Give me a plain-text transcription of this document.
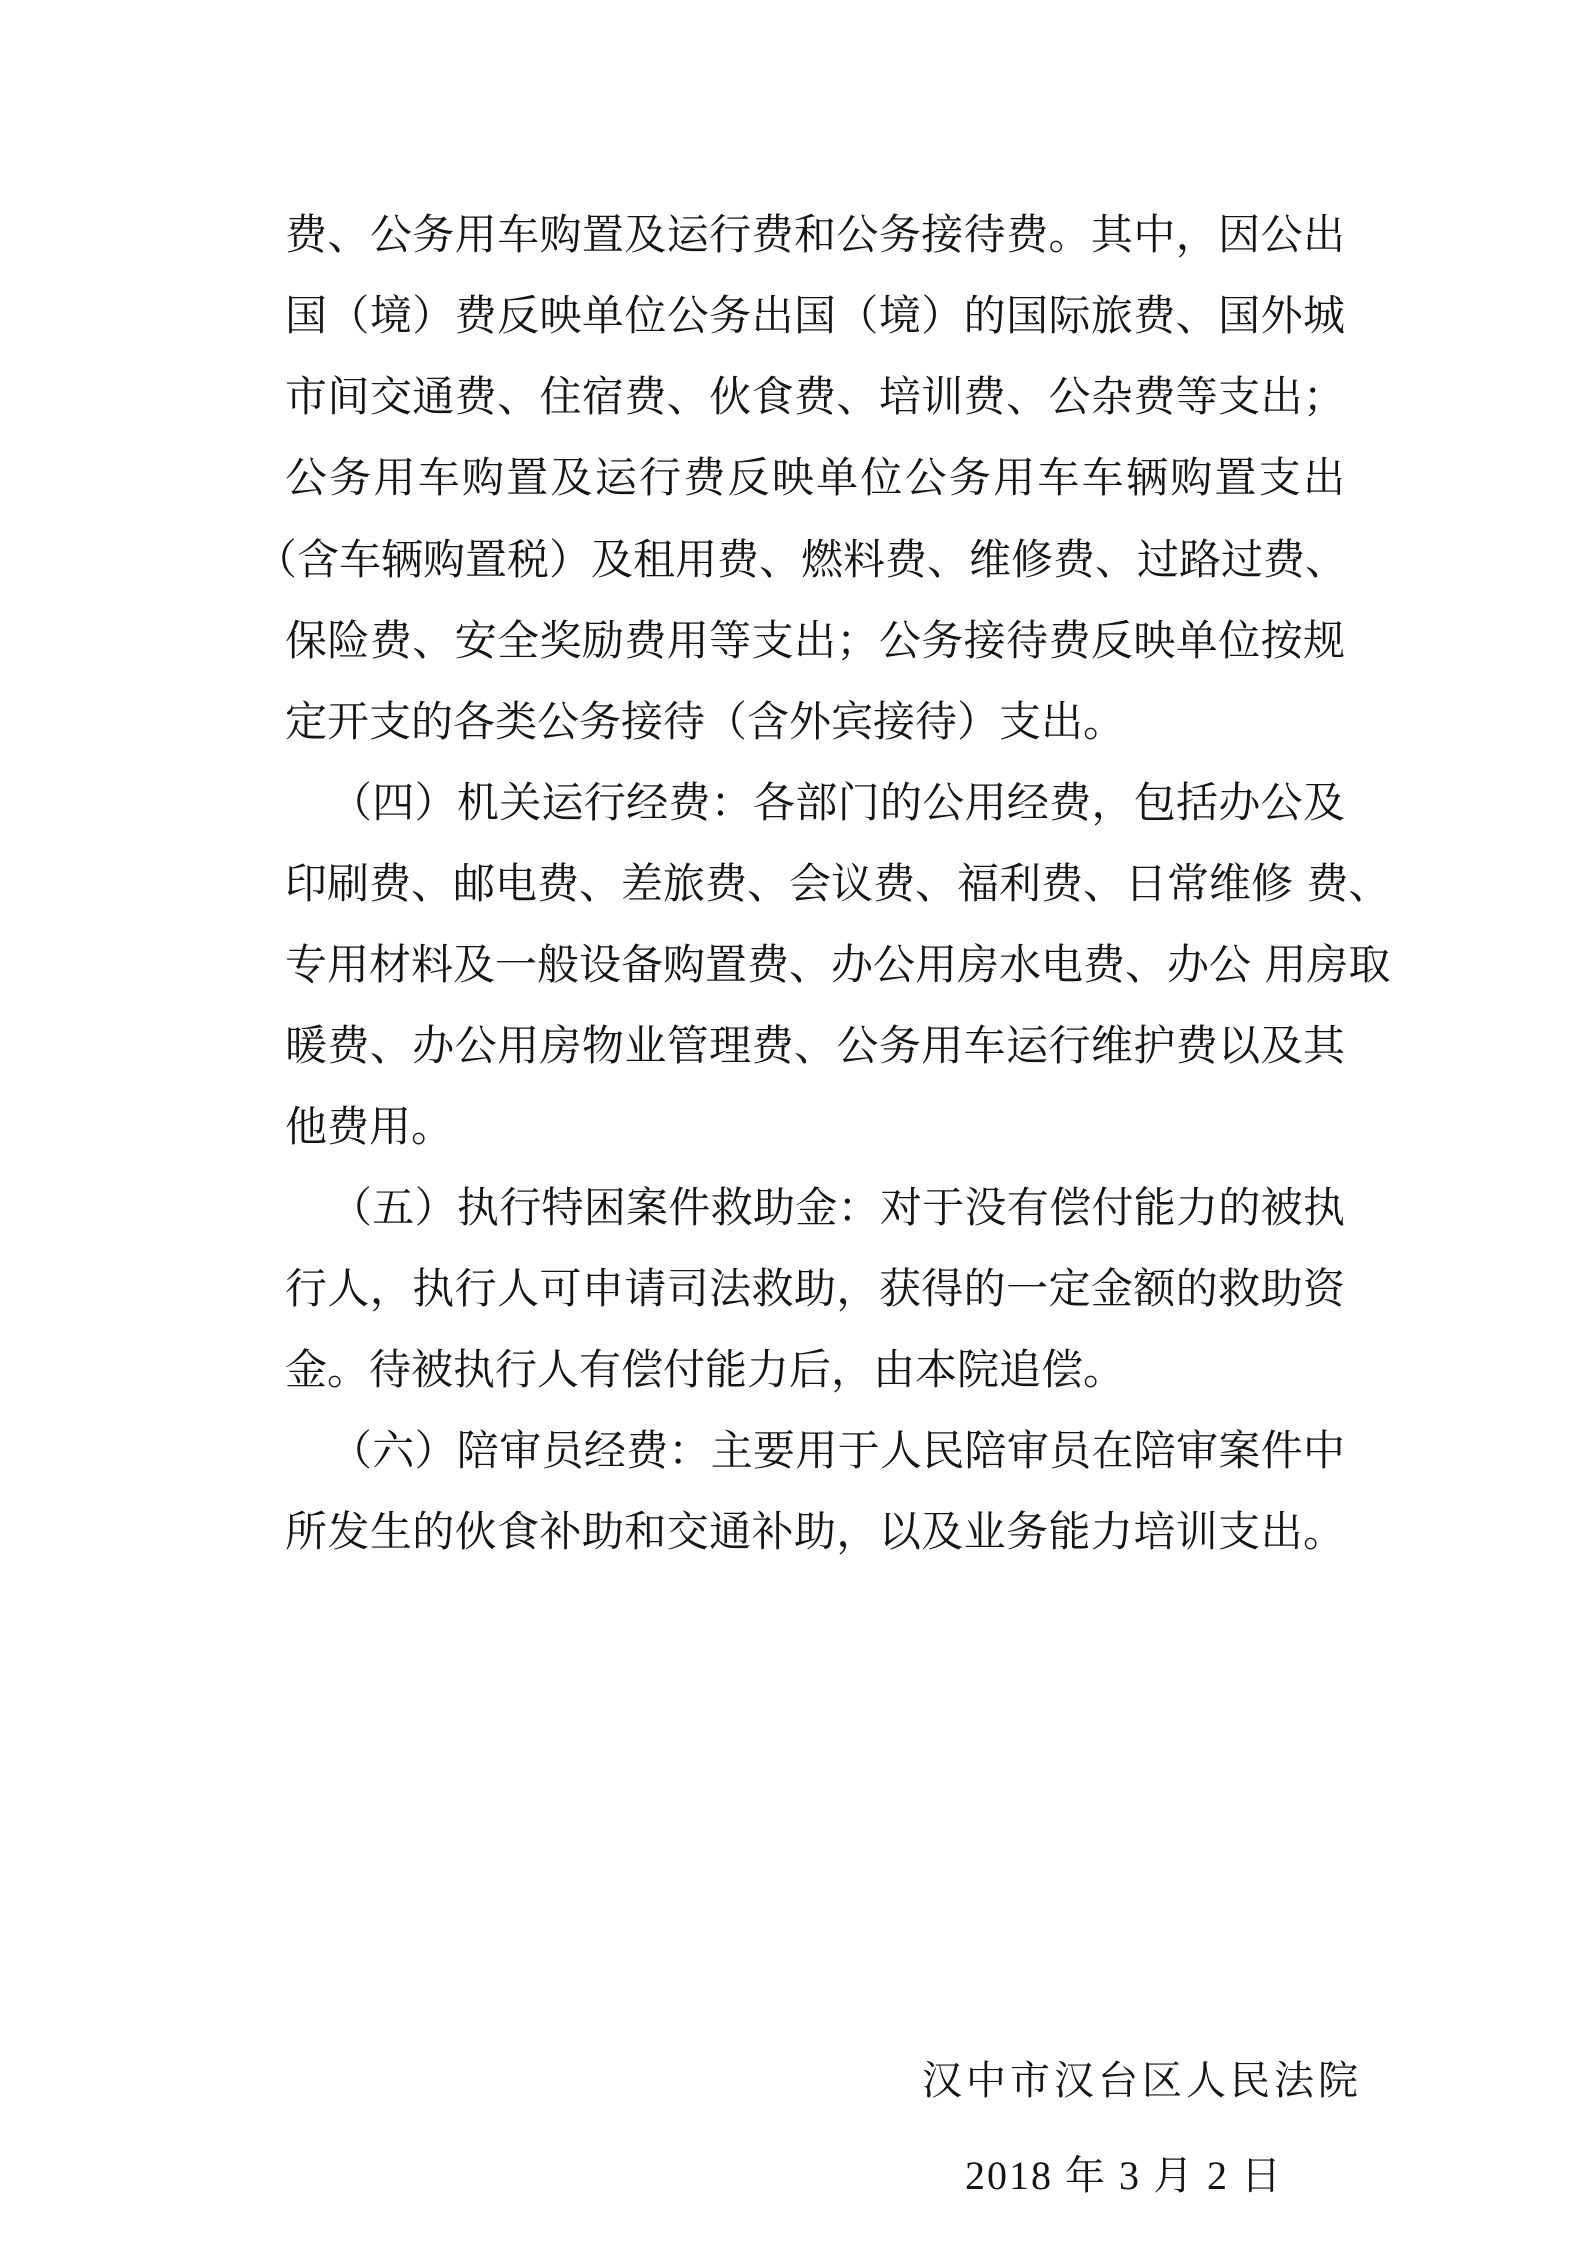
费、公务用车购置及运行费和公务接待费。其中，因公出
国（境）费反映单位公务出国（境）的国际旅费、国外城
市间交通费、住宿费、伙食费、培训费、公杂费等支出；
公务用车购置及运行费反映单位公务用车车辆购置支出
（含车辆购置税）及租用费、燃料费、维修费、过路过费、
保险费、安全奖励费用等支出；公务接待费反映单位按规
定开支的各类公务接待（含外宾接待）支出。
（四）机关运行经费：各部门的公用经费，包括办公及
印刷费、邮电费、差旅费、会议费、福利费、日常维修 费、
专用材料及一般设备购置费、办公用房水电费、办公 用房取
暖费、办公用房物业管理费、公务用车运行维护费以及其
他费用。
（五）执行特困案件救助金：对于没有偿付能力的被执
行人，执行人可申请司法救助，获得的一定金额的救助资
金。待被执行人有偿付能力后，由本院追偿。
（六）陪审员经费：主要用于人民陪审员在陪审案件中
所发生的伙食补助和交通补助，以及业务能力培训支出。
汉中市汉台区人民法院
2018 年 3 月 2 日
